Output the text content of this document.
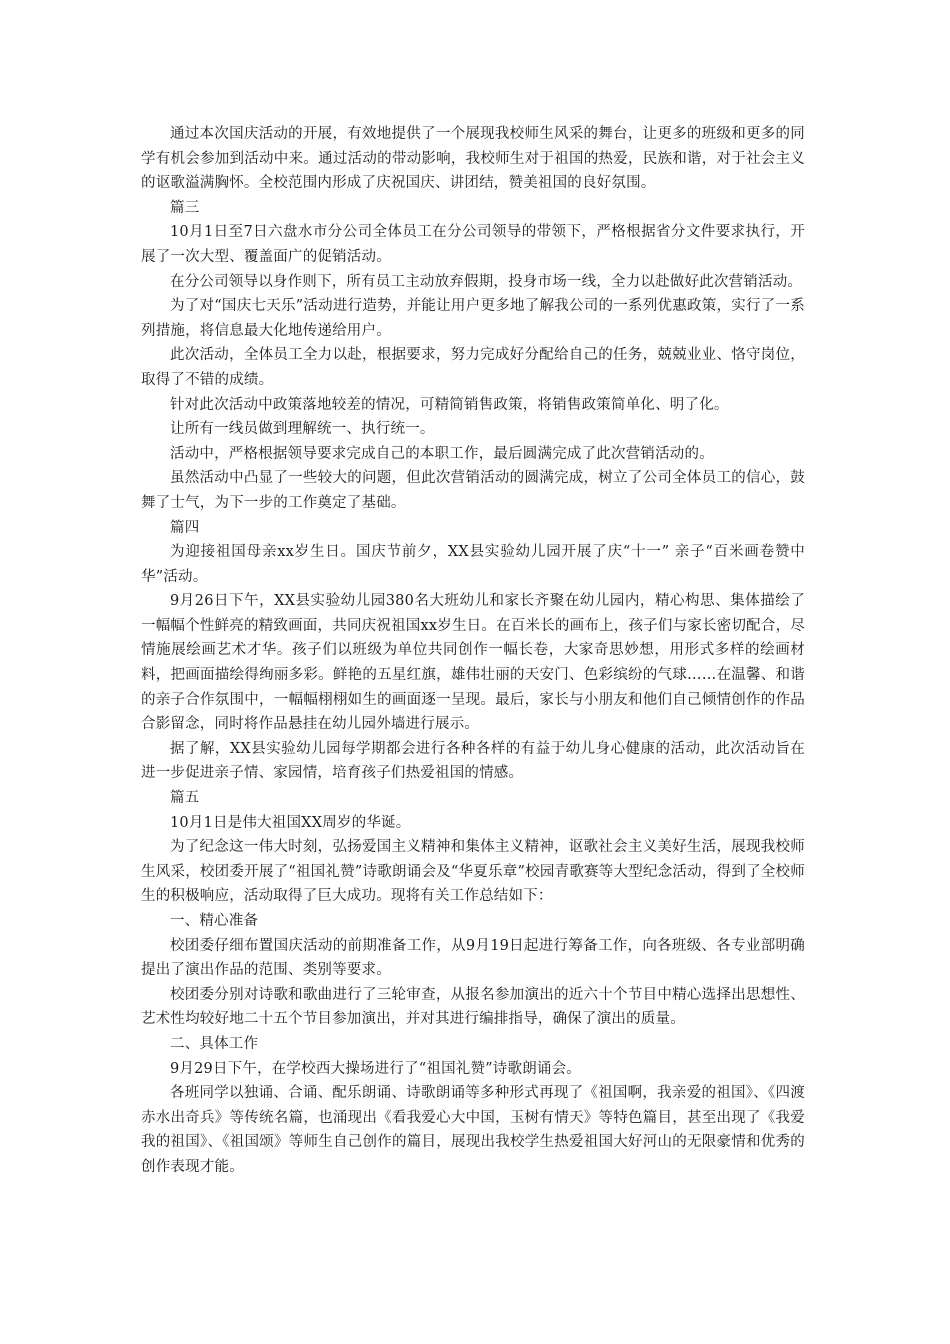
通过本次国庆活动的开展，有效地提供了一个展现我校师生风采的舞台，让更多的班级和更多的同学有机会参加到活动中来。通过活动的带动影响，我校师生对于祖国的热爱，民族和谐，对于社会主义的讴歌溢满胸怀。全校范围内形成了庆祝国庆、讲团结，赞美祖国的良好氛围。

篇三

10月1日至7日六盘水市分公司全体员工在分公司领导的带领下，严格根据省分文件要求执行，开展了一次大型、覆盖面广的促销活动。

在分公司领导以身作则下，所有员工主动放弃假期，投身市场一线，全力以赴做好此次营销活动。

为了对“国庆七天乐”活动进行造势，并能让用户更多地了解我公司的一系列优惠政策，实行了一系列措施，将信息最大化地传递给用户。

此次活动，全体员工全力以赴，根据要求，努力完成好分配给自己的任务，兢兢业业、恪守岗位，取得了不错的成绩。

针对此次活动中政策落地较差的情况，可精简销售政策，将销售政策简单化、明了化。

让所有一线员做到理解统一、执行统一。

活动中，严格根据领导要求完成自己的本职工作，最后圆满完成了此次营销活动的。

虽然活动中凸显了一些较大的问题，但此次营销活动的圆满完成，树立了公司全体员工的信心，鼓舞了士气，为下一步的工作奠定了基础。

篇四

为迎接祖国母亲xx岁生日。国庆节前夕，XX县实验幼儿园开展了庆“十一” 亲子“百米画卷赞中华”活动。

9月26日下午，XX县实验幼儿园380名大班幼儿和家长齐聚在幼儿园内，精心构思、集体描绘了一幅幅个性鲜亮的精致画面，共同庆祝祖国xx岁生日。在百米长的画布上，孩子们与家长密切配合，尽情施展绘画艺术才华。孩子们以班级为单位共同创作一幅长卷，大家奇思妙想，用形式多样的绘画材料，把画面描绘得绚丽多彩。鲜艳的五星红旗，雄伟壮丽的天安门、色彩缤纷的气球……在温馨、和谐的亲子合作氛围中，一幅幅栩栩如生的画面逐一呈现。最后，家长与小朋友和他们自己倾情创作的作品合影留念，同时将作品悬挂在幼儿园外墙进行展示。

据了解，XX县实验幼儿园每学期都会进行各种各样的有益于幼儿身心健康的活动，此次活动旨在进一步促进亲子情、家园情，培育孩子们热爱祖国的情感。

篇五

10月1日是伟大祖国XX周岁的华诞。

为了纪念这一伟大时刻，弘扬爱国主义精神和集体主义精神，讴歌社会主义美好生活，展现我校师生风采，校团委开展了“祖国礼赞”诗歌朗诵会及“华夏乐章”校园青歌赛等大型纪念活动，得到了全校师生的积极响应，活动取得了巨大成功。现将有关工作总结如下：

一、精心准备

校团委仔细布置国庆活动的前期准备工作，从9月19日起进行筹备工作，向各班级、各专业部明确提出了演出作品的范围、类别等要求。

校团委分别对诗歌和歌曲进行了三轮审查，从报名参加演出的近六十个节目中精心选择出思想性、艺术性均较好地二十五个节目参加演出，并对其进行编排指导，确保了演出的质量。

二、具体工作

9月29日下午，在学校西大操场进行了“祖国礼赞”诗歌朗诵会。

各班同学以独诵、合诵、配乐朗诵、诗歌朗诵等多种形式再现了《祖国啊，我亲爱的祖国》、《四渡赤水出奇兵》等传统名篇，也涌现出《看我爱心大中国，玉树有情天》等特色篇目，甚至出现了《我爱我的祖国》、《祖国颂》等师生自己创作的篇目，展现出我校学生热爱祖国大好河山的无限豪情和优秀的创作表现才能。
